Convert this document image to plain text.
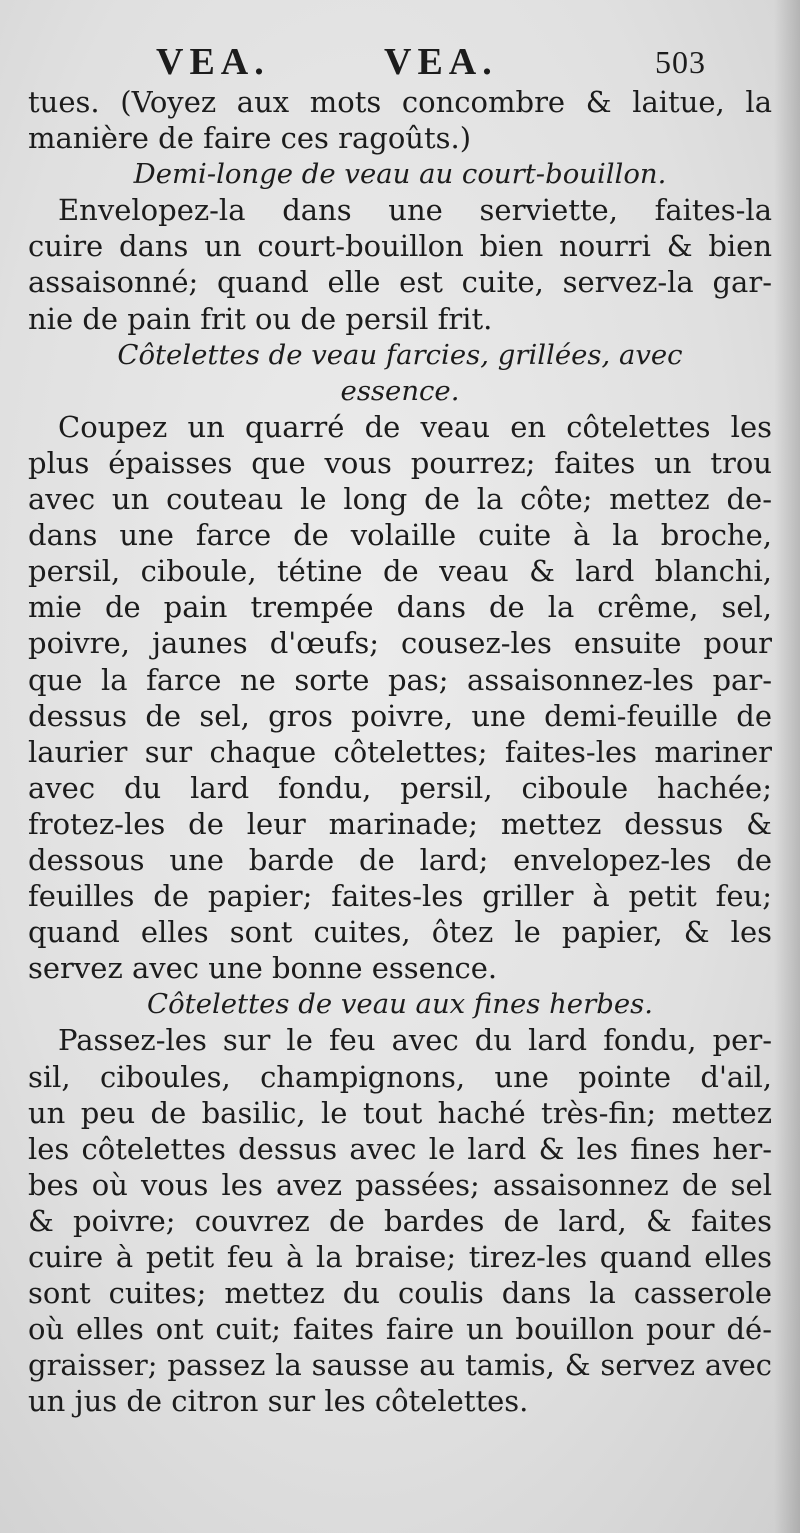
VEA.	VEA.	503
tues. (Voyez aux mots concombre & laitue, la
manière de faire ces ragoûts.)
Demi-longe de veau au court-bouillon.
Envelopez-la dans une serviette, faites-la
cuire dans un court-bouillon bien nourri & bien
assaisonné; quand elle est cuite, servez-la gar-
nie de pain frit ou de persil frit.
Côtelettes de veau farcies, grillées, avec
essence.
Coupez un quarré de veau en côtelettes les
plus épaisses que vous pourrez; faites un trou
avec un couteau le long de la côte; mettez de-
dans une farce de volaille cuite à la broche,
persil, ciboule, tétine de veau & lard blanchi,
mie de pain trempée dans de la crême, sel,
poivre, jaunes d'œufs; cousez-les ensuite pour
que la farce ne sorte pas; assaisonnez-les par-
dessus de sel, gros poivre, une demi-feuille de
laurier sur chaque côtelettes; faites-les mariner
avec du lard fondu, persil, ciboule hachée;
frotez-les de leur marinade; mettez dessus &
dessous une barde de lard; envelopez-les de
feuilles de papier; faites-les griller à petit feu;
quand elles sont cuites, ôtez le papier, & les
servez avec une bonne essence.
Côtelettes de veau aux fines herbes.
Passez-les sur le feu avec du lard fondu, per-
sil, ciboules, champignons, une pointe d'ail,
un peu de basilic, le tout haché très-fin; mettez
les côtelettes dessus avec le lard & les fines her-
bes où vous les avez passées; assaisonnez de sel
& poivre; couvrez de bardes de lard, & faites
cuire à petit feu à la braise; tirez-les quand elles
sont cuites; mettez du coulis dans la casserole
où elles ont cuit; faites faire un bouillon pour dé-
graisser; passez la sausse au tamis, & servez avec
un jus de citron sur les côtelettes.
